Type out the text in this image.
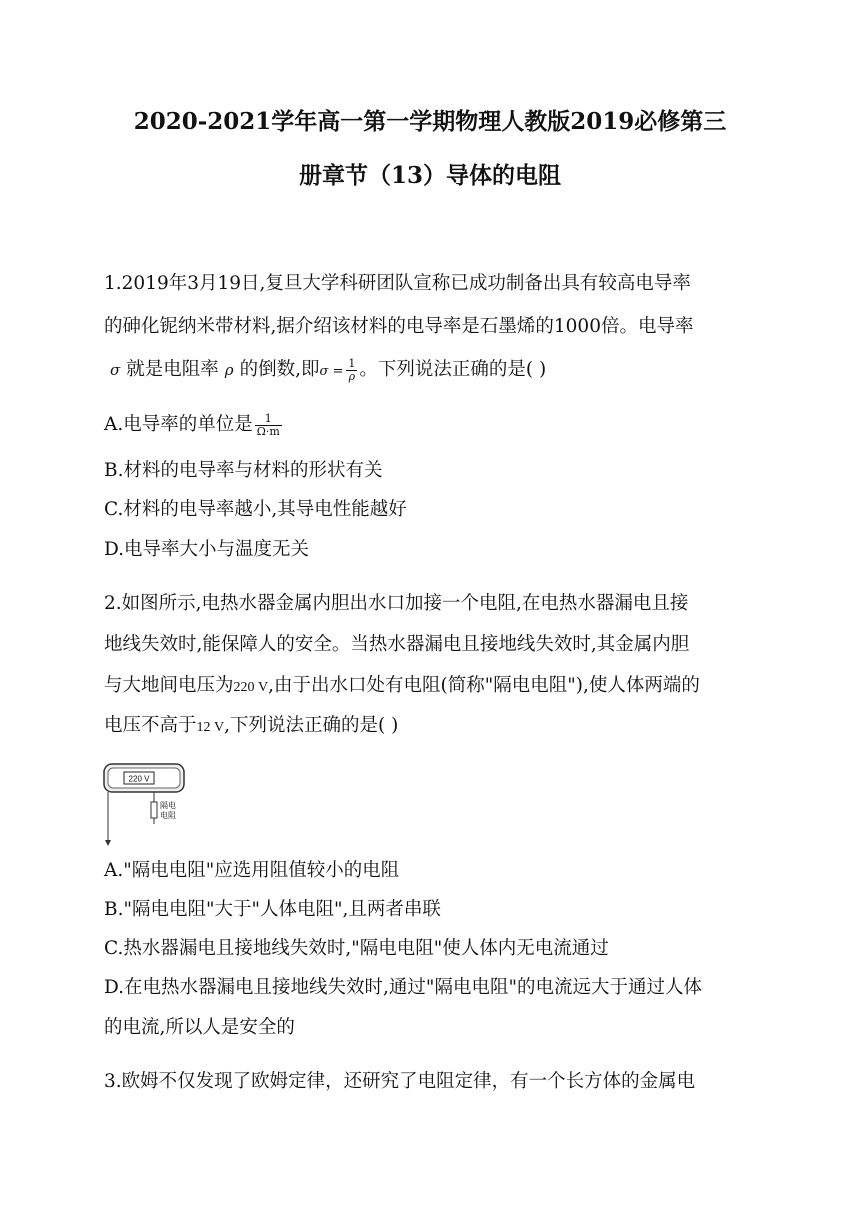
2020-2021学年高一第一学期物理人教版2019必修第三
册章节（13）导体的电阻
1.2019年3月19日,复旦大学科研团队宣称已成功制备出具有较高电导率
的砷化铌纳米带材料,据介绍该材料的电导率是石墨烯的1000倍。电导率
σ 就是电阻率 ρ 的倒数,即$\sigma = \frac{1}{\rho}$ 。下列说法正确的是( )
A.电导率的单位是 $\frac{1}{\Omega\cdot m}$
B.材料的电导率与材料的形状有关
C.材料的电导率越小,其导电性能越好
D.电导率大小与温度无关
2.如图所示,电热水器金属内胆出水口加接一个电阻,在电热水器漏电且接
地线失效时,能保障人的安全。当热水器漏电且接地线失效时,其金属内胆
与大地间电压为220 V,由于出水口处有电阻(简称"隔电电阻"),使人体两端的
电压不高于12 V,下列说法正确的是( )
220 V
隔电
电阻
A."隔电电阻"应选用阻值较小的电阻
B."隔电电阻"大于"人体电阻",且两者串联
C.热水器漏电且接地线失效时,"隔电电阻"使人体内无电流通过
D.在电热水器漏电且接地线失效时,通过"隔电电阻"的电流远大于通过人体
的电流,所以人是安全的
3.欧姆不仅发现了欧姆定律，还研究了电阻定律，有一个长方体的金属电
